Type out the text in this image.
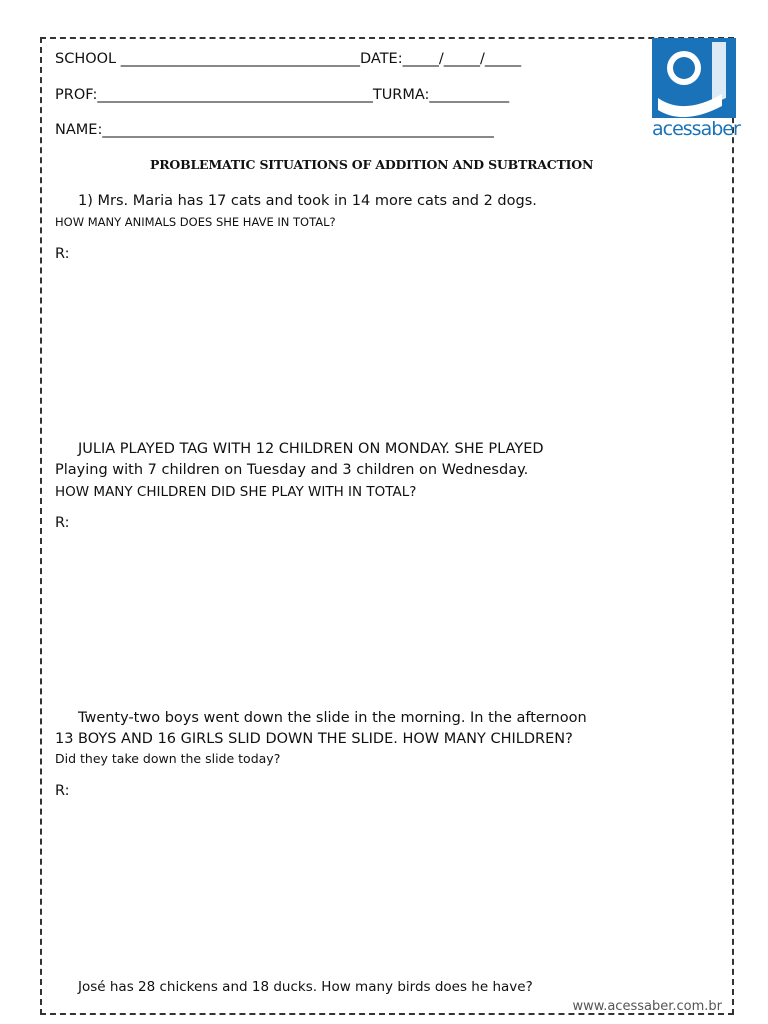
SCHOOL _________________________________DATE:_____/_____/_____
PROF:______________________________________TURMA:___________
NAME:______________________________________________________	acessaber
PROBLEMATIC SITUATIONS OF ADDITION AND SUBTRACTION
1) Mrs. Maria has 17 cats and took in 14 more cats and 2 dogs.
HOW MANY ANIMALS DOES SHE HAVE IN TOTAL?
R:
JULIA PLAYED TAG WITH 12 CHILDREN ON MONDAY. SHE PLAYED
Playing with 7 children on Tuesday and 3 children on Wednesday.
HOW MANY CHILDREN DID SHE PLAY WITH IN TOTAL?
R:
Twenty-two boys went down the slide in the morning. In the afternoon
13 BOYS AND 16 GIRLS SLID DOWN THE SLIDE. HOW MANY CHILDREN?
Did they take down the slide today?
R:
José has 28 chickens and 18 ducks. How many birds does he have?
www.acessaber.com.br
